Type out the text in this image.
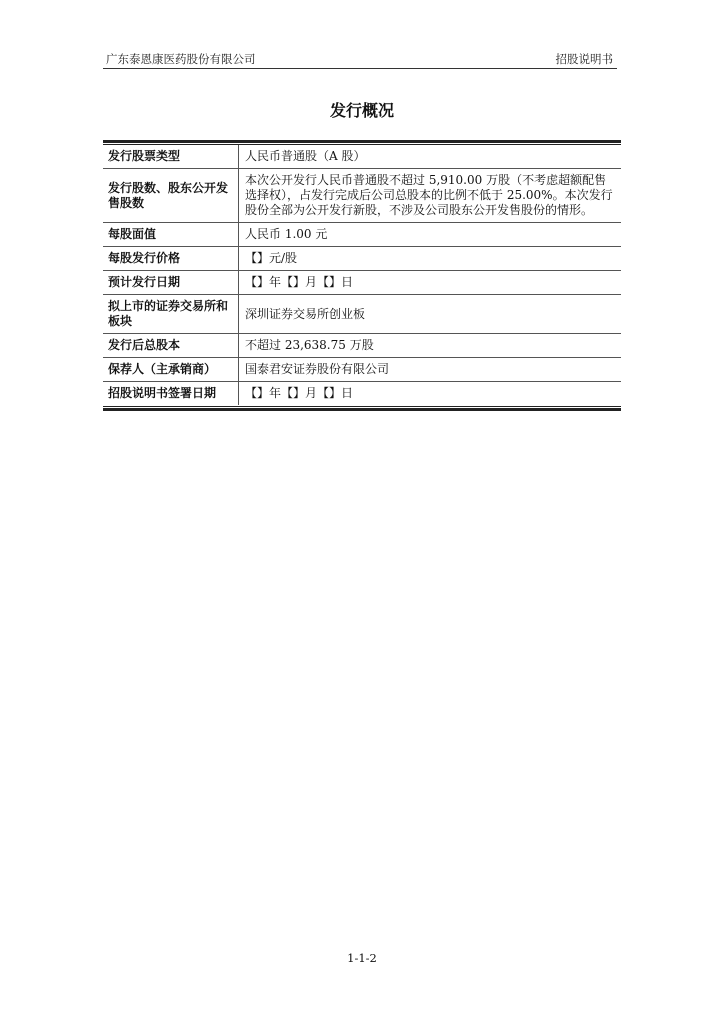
广东泰恩康医药股份有限公司	招股说明书
发行概况
发行股票类型	人民币普通股（A 股）
发行股数、股东公开发售股数	本次公开发行人民币普通股不超过 5,910.00 万股（不考虑超额配售选择权），占发行完成后公司总股本的比例不低于 25.00%。本次发行股份全部为公开发行新股，不涉及公司股东公开发售股份的情形。
每股面值	人民币 1.00 元
每股发行价格	【】元/股
预计发行日期	【】年【】月【】日
拟上市的证券交易所和板块	深圳证券交易所创业板
发行后总股本	不超过 23,638.75 万股
保荐人（主承销商）	国泰君安证券股份有限公司
招股说明书签署日期	【】年【】月【】日
1-1-2
